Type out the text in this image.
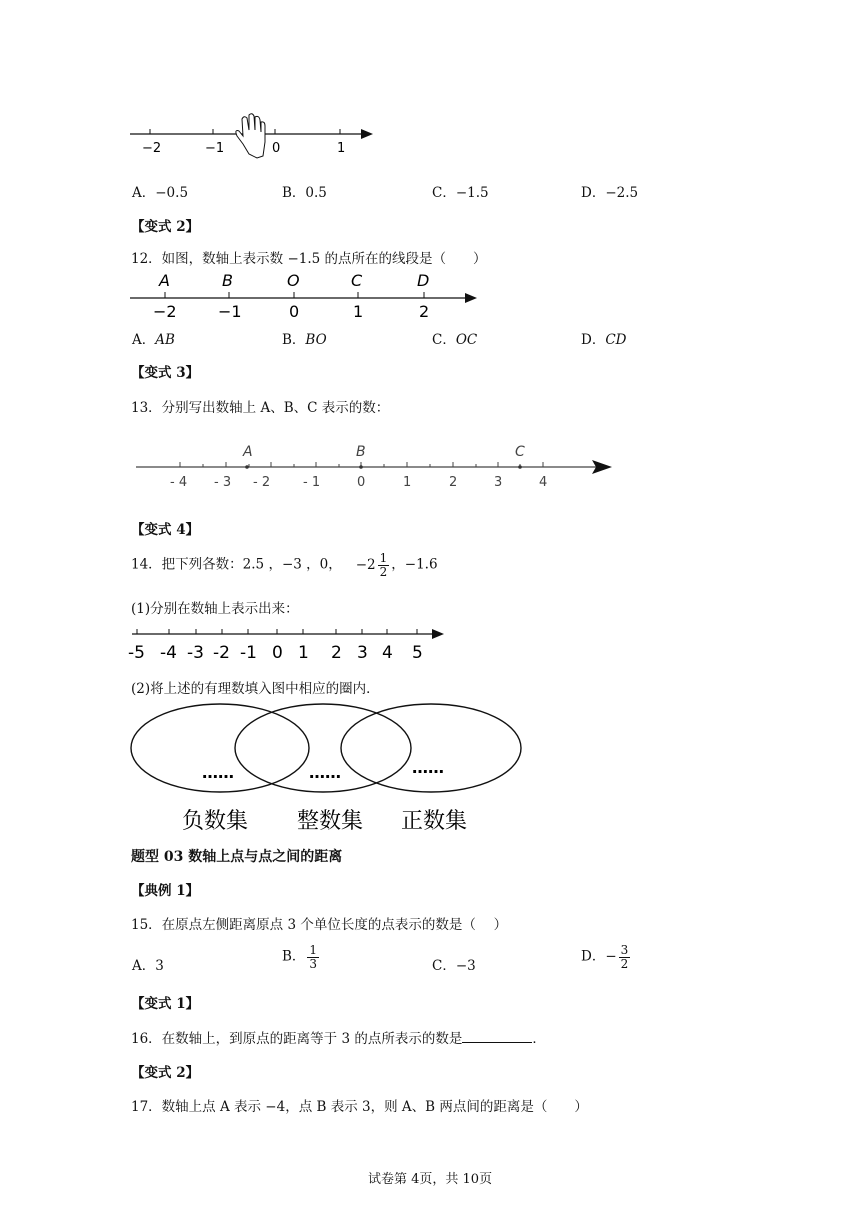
−2	−1	0	1
A．−0.5	B．0.5	C．−1.5	D．−2.5
【变式 2】
12．如图，数轴上表示数 −1.5 的点所在的线段是（　　）
A	B	O	C	D
−2	−1	0	1	2
A．AB	B．BO	C．OC	D．CD
【变式 3】
13．分别写出数轴上 A、B、C 表示的数：
A	B	C
- 4 - 3 - 2	- 1	0	1	2	3	4
【变式 4】
14．把下列各数：2.5 ，−3 ，0， $-2 \frac{1}{2}$ ，−1.6
(1)分别在数轴上表示出来：
-5 -4 -3 -2 -1 0 1 2 3 4 5
(2)将上述的有理数填入图中相应的圈内．
……	……	……
负数集 整数集 正数集
题型 03 数轴上点与点之间的距离
【典例 1】
15．在原点左侧距离原点 3 个单位长度的点表示的数是（　 ）
A．3
B． $\frac{1}{3}$	C．−3
D．− $\frac{3}{2}$
【变式 1】
16．在数轴上，到原点的距离等于 3 的点所表示的数是	．
【变式 2】
17．数轴上点 A 表示 −4，点 B 表示 3，则 A、B 两点间的距离是（　　）
试卷第 4页，共 10页
